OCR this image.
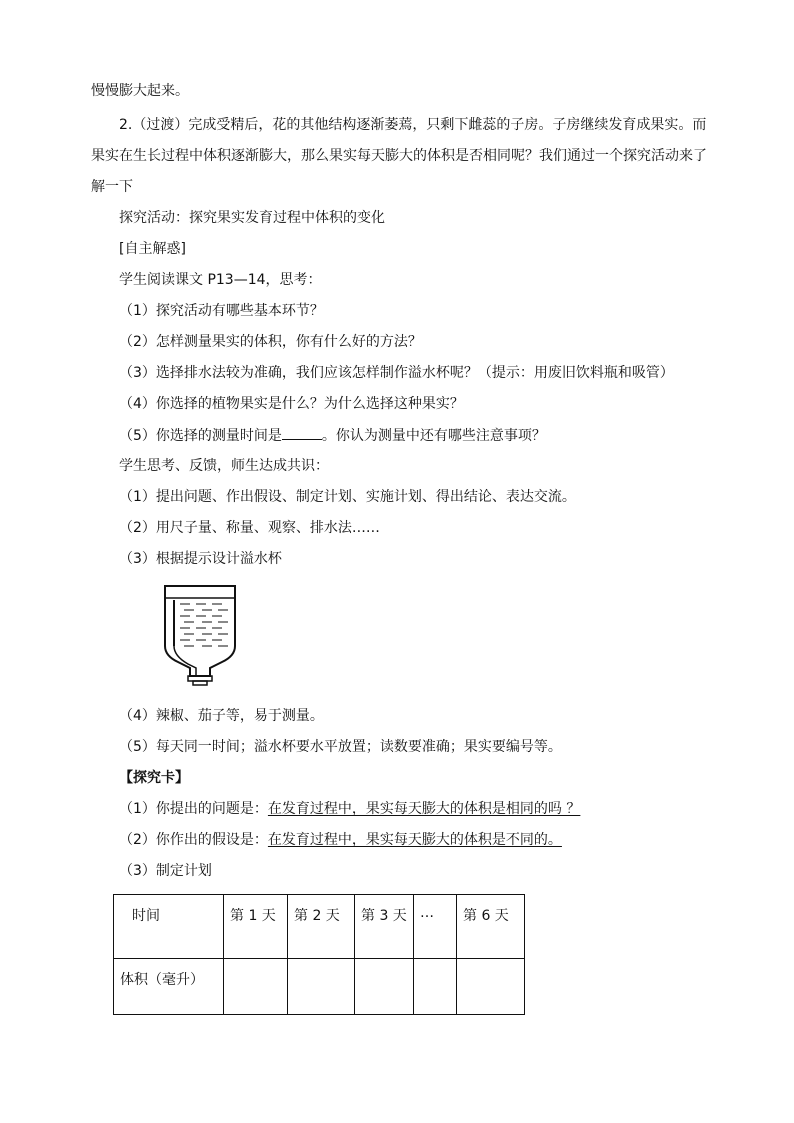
慢慢膨大起来。
2.（过渡）完成受精后，花的其他结构逐渐萎蔫，只剩下雌蕊的子房。子房继续发育成果实。而
果实在生长过程中体积逐渐膨大，那么果实每天膨大的体积是否相同呢？我们通过一个探究活动来了
解一下
探究活动：探究果实发育过程中体积的变化
[自主解惑]
学生阅读课文 P13—14，思考：
（1）探究活动有哪些基本环节？
（2）怎样测量果实的体积，你有什么好的方法？
（3）选择排水法较为准确，我们应该怎样制作溢水杯呢？（提示：用废旧饮料瓶和吸管）
（4）你选择的植物果实是什么？为什么选择这种果实？
（5）你选择的测量时间是	。你认为测量中还有哪些注意事项？
学生思考、反馈，师生达成共识：
（1）提出问题、作出假设、制定计划、实施计划、得出结论、表达交流。
（2）用尺子量、称量、观察、排水法……
（3）根据提示设计溢水杯
（4）辣椒、茄子等，易于测量。
（5）每天同一时间；溢水杯要水平放置；读数要准确；果实要编号等。
【探究卡】
（1）你提出的问题是：在发育过程中，果实每天膨大的体积是相同的吗 ？
（2）你作出的假设是：在发育过程中，果实每天膨大的体积是不同的。
（3）制定计划
时间	第 1 天	第 2 天	第 3 天	…	第 6 天
体积（毫升）					
